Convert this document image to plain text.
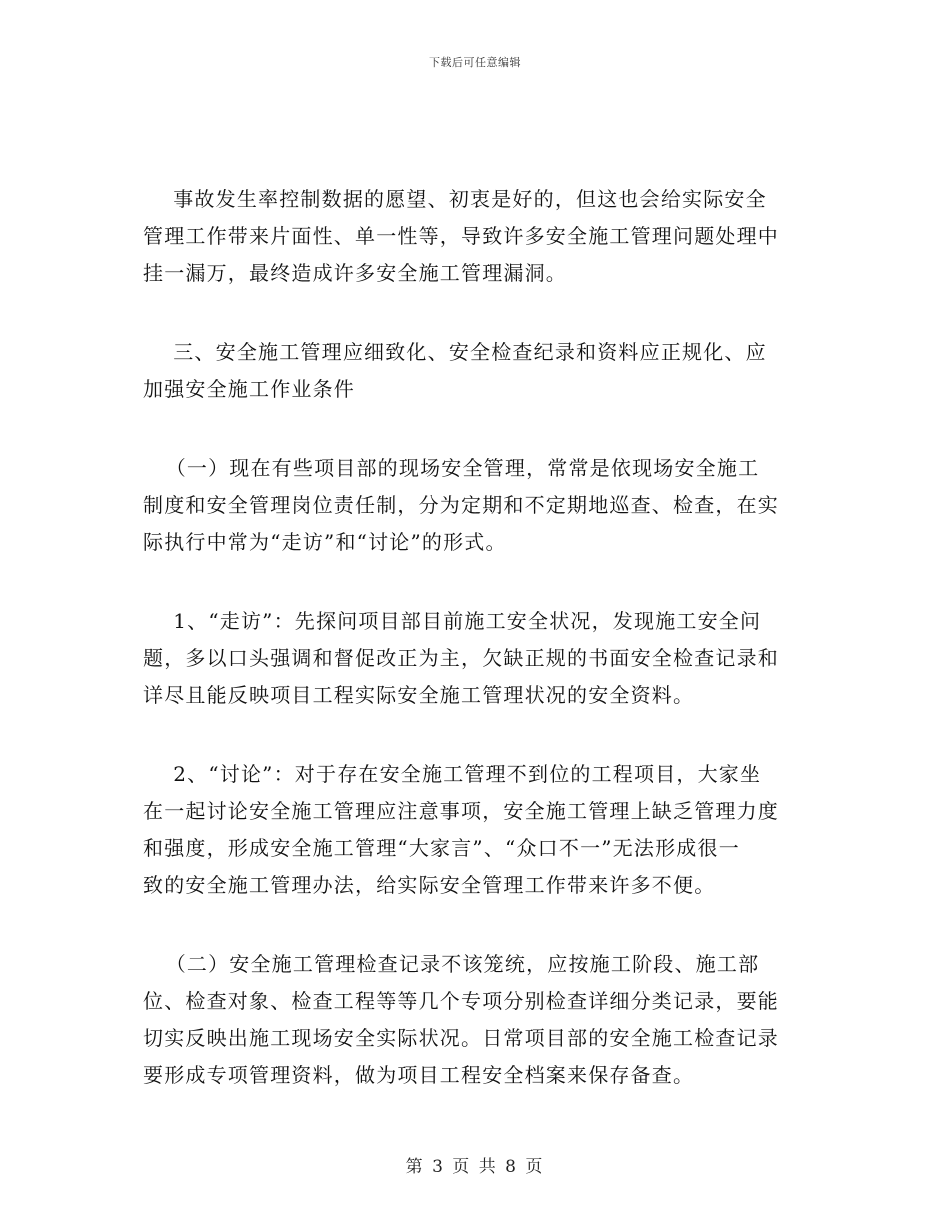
下载后可任意编辑
事故发生率控制数据的愿望、初衷是好的，但这也会给实际安全
管理工作带来片面性、单一性等，导致许多安全施工管理问题处理中
挂一漏万，最终造成许多安全施工管理漏洞。
三、安全施工管理应细致化、安全检查纪录和资料应正规化、应
加强安全施工作业条件
（一）现在有些项目部的现场安全管理，常常是依现场安全施工
制度和安全管理岗位责任制，分为定期和不定期地巡查、检查，在实
际执行中常为“走访”和“讨论”的形式。
1、“走访”：先探问项目部目前施工安全状况，发现施工安全问
题，多以口头强调和督促改正为主，欠缺正规的书面安全检查记录和
详尽且能反映项目工程实际安全施工管理状况的安全资料。
2、“讨论”：对于存在安全施工管理不到位的工程项目，大家坐
在一起讨论安全施工管理应注意事项，安全施工管理上缺乏管理力度
和强度，形成安全施工管理“大家言”、“众口不一”无法形成很一
致的安全施工管理办法，给实际安全管理工作带来许多不便。
（二）安全施工管理检查记录不该笼统，应按施工阶段、施工部
位、检查对象、检查工程等等几个专项分别检查详细分类记录，要能
切实反映出施工现场安全实际状况。日常项目部的安全施工检查记录
要形成专项管理资料，做为项目工程安全档案来保存备查。
第 3 页 共 8 页
